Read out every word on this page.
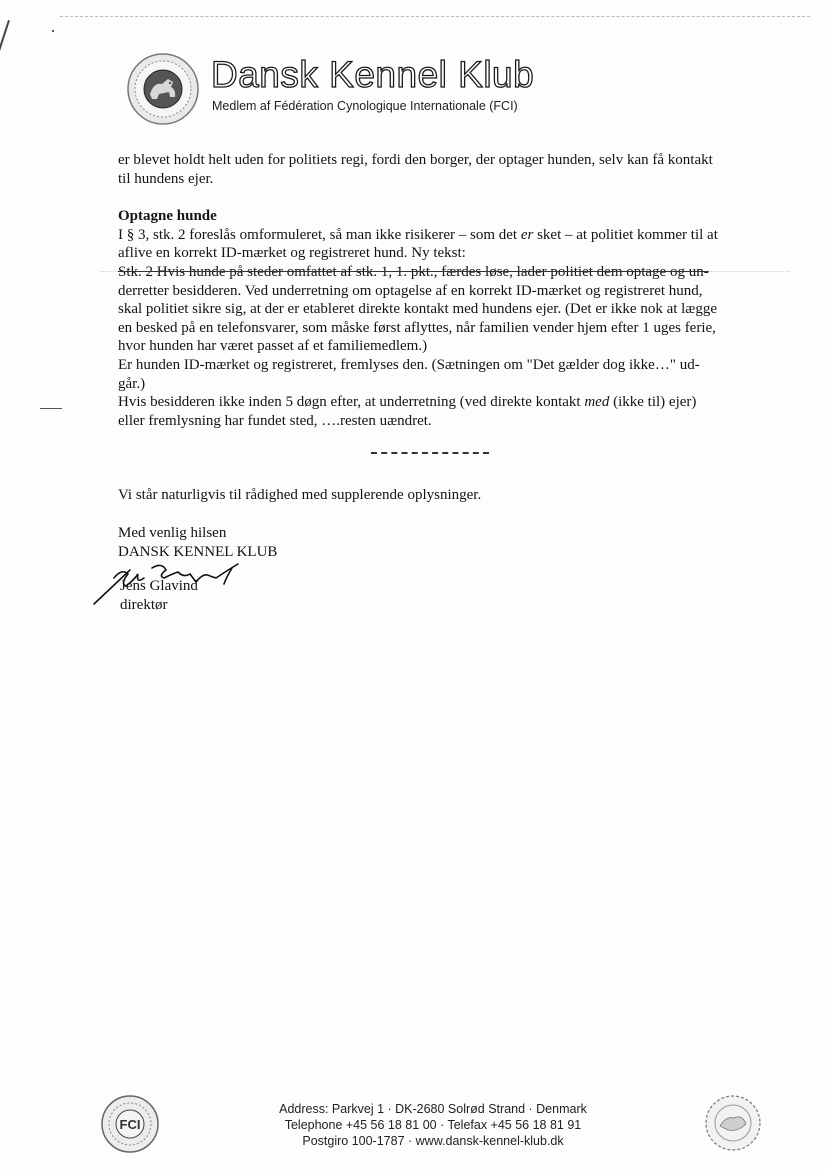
Dansk Kennel Klub
Medlem af Fédération Cynologique Internationale (FCI)

er blevet holdt helt uden for politiets regi, fordi den borger, der optager hunden, selv kan få kontakt

til hundens ejer.

Optagne hunde

I § 3, stk. 2 foreslås omformuleret, så man ikke risikerer – som det er sket – at politiet kommer til at

aflive en korrekt ID-mærket og registreret hund. Ny tekst:

Stk. 2 Hvis hunde på steder omfattet af stk. 1, 1. pkt., færdes løse, lader politiet dem optage og un-

derretter besidderen. Ved underretning om optagelse af en korrekt ID-mærket og registreret hund,

skal politiet sikre sig, at der er etableret direkte kontakt med hundens ejer. (Det er ikke nok at lægge

en besked på en telefonsvarer, som måske først aflyttes, når familien vender hjem efter 1 uges ferie,

hvor hunden har været passet af et familiemedlem.)

Er hunden ID-mærket og registreret, fremlyses den. (Sætningen om "Det gælder dog ikke…" ud-

går.)

Hvis besidderen ikke inden 5 døgn efter, at underretning (ved direkte kontakt med (ikke til) ejer)

eller fremlysning har fundet sted, ….resten uændret.

Vi står naturligvis til rådighed med supplerende oplysninger.

Med venlig hilsen

DANSK KENNEL KLUB

Jens Glavind

direktør

FCI

Address: Parkvej 1 · DK-2680 Solrød Strand · Denmark

Telephone +45 56 18 81 00 · Telefax +45 56 18 81 91

Postgiro 100-1787 · www.dansk-kennel-klub.dk
